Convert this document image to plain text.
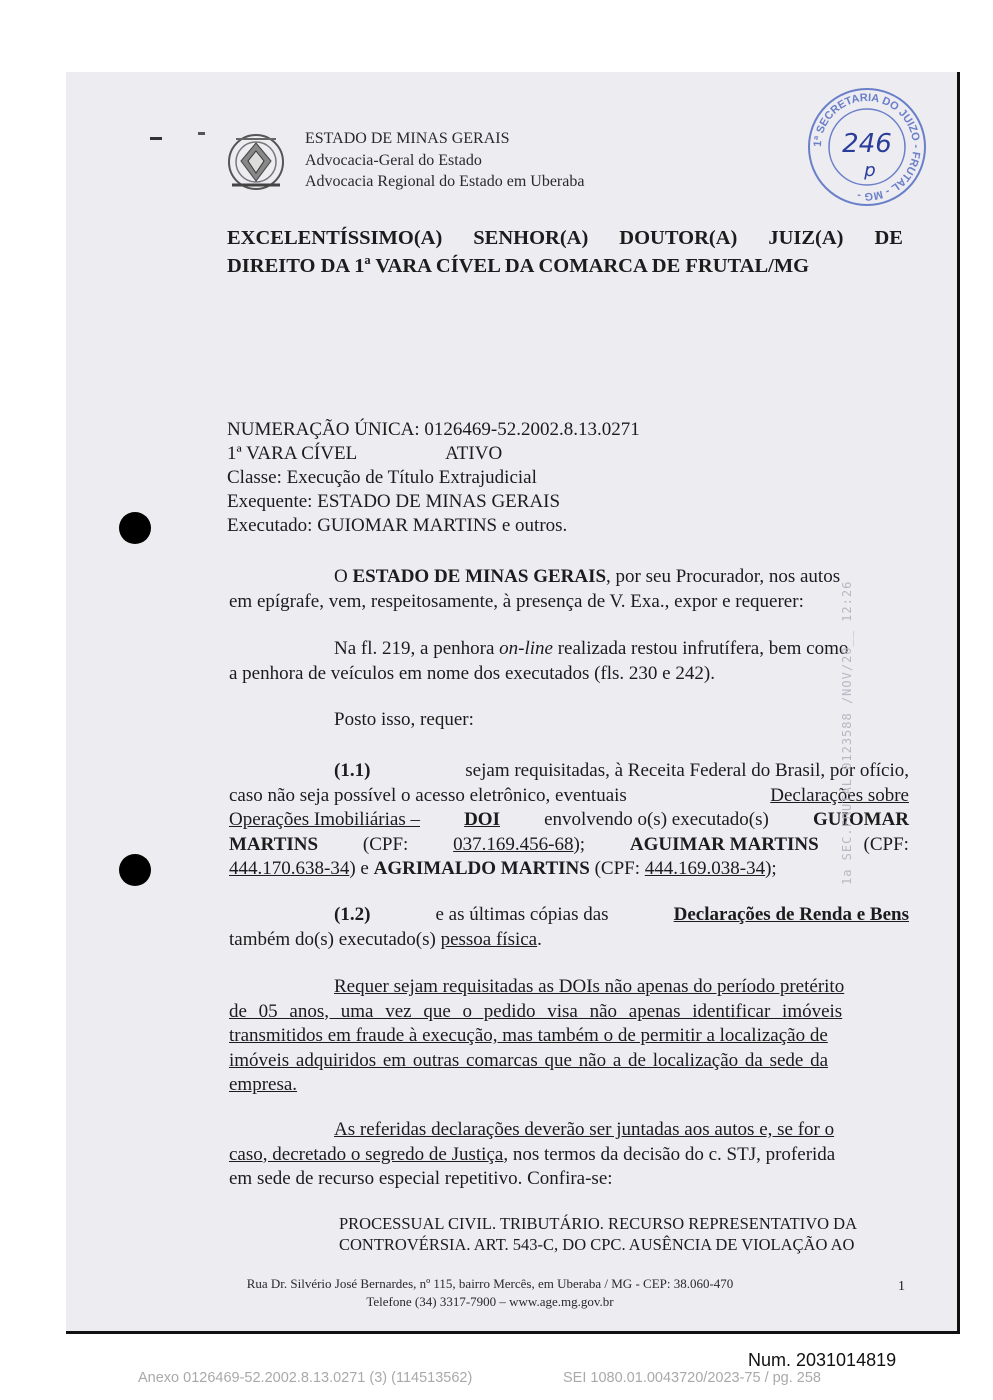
ESTADO DE MINAS GERAIS
Advocacia-Geral do Estado
Advocacia Regional do Estado em Uberaba
1ª SECRETARIA DO JUIZO - FRUTAL - MG -
246
p
EXCELENTÍSSIMO(A) SENHOR(A) DOUTOR(A) JUIZ(A) DE
DIREITO DA 1ª VARA CÍVEL DA COMARCA DE FRUTAL/MG
NUMERAÇÃO ÚNICA: 0126469-52.2002.8.13.0271
1ª VARA CÍVEL	ATIVO
Classe: Execução de Título Extrajudicial
Exequente: ESTADO DE MINAS GERAIS
Executado: GUIOMAR MARTINS e outros.
O ESTADO DE MINAS GERAIS, por seu Procurador, nos autos
em epígrafe, vem, respeitosamente, à presença de V. Exa., expor e requerer:
Na fl. 219, a penhora on-line realizada restou infrutífera, bem como
a penhora de veículos em nome dos executados (fls. 230 e 242).
Posto isso, requer:
(1.1)	sejam requisitadas, à Receita Federal do Brasil, por ofício,
caso não seja possível o acesso eletrônico, eventuais	Declarações sobre
Operações Imobiliárias – DOI envolvendo o(s) executado(s) GUIOMAR
MARTINS (CPF: 037.169.456-68); AGUIMAR MARTINS (CPF:
444.170.638-34) e AGRIMALDO MARTINS (CPF: 444.169.038-34);
(1.2)	e as últimas cópias das	Declarações de Renda e Bens
também do(s) executado(s) pessoa física.
Requer sejam requisitadas as DOIs não apenas do período pretérito
de 05 anos, uma vez que o pedido visa não apenas identificar imóveis
transmitidos em fraude à execução, mas também o de permitir a localização de
imóveis adquiridos em outras comarcas que não a de localização da sede da
empresa.
As referidas declarações deverão ser juntadas aos autos e, se for o
caso, decretado o segredo de Justiça , nos termos da decisão do c. STJ, proferida
em sede de recurso especial repetitivo. Confira-se:
PROCESSUAL CIVIL. TRIBUTÁRIO. RECURSO REPRESENTATIVO DA
CONTROVÉRSIA. ART. 543-C, DO CPC. AUSÊNCIA DE VIOLAÇÃO AO
Rua Dr. Silvério José Bernardes, nº 115, bairro Mercês, em Uberaba / MG - CEP: 38.060-470
Telefone (34) 3317-7900 – www.age.mg.gov.br
1
1a SEC.FRUTAL 0123588 /NOV/20__ 12:26
Num. 2031014819
Anexo 0126469-52.2002.8.13.0271 (3) (114513562)	SEI 1080.01.0043720/2023-75 / pg. 258
